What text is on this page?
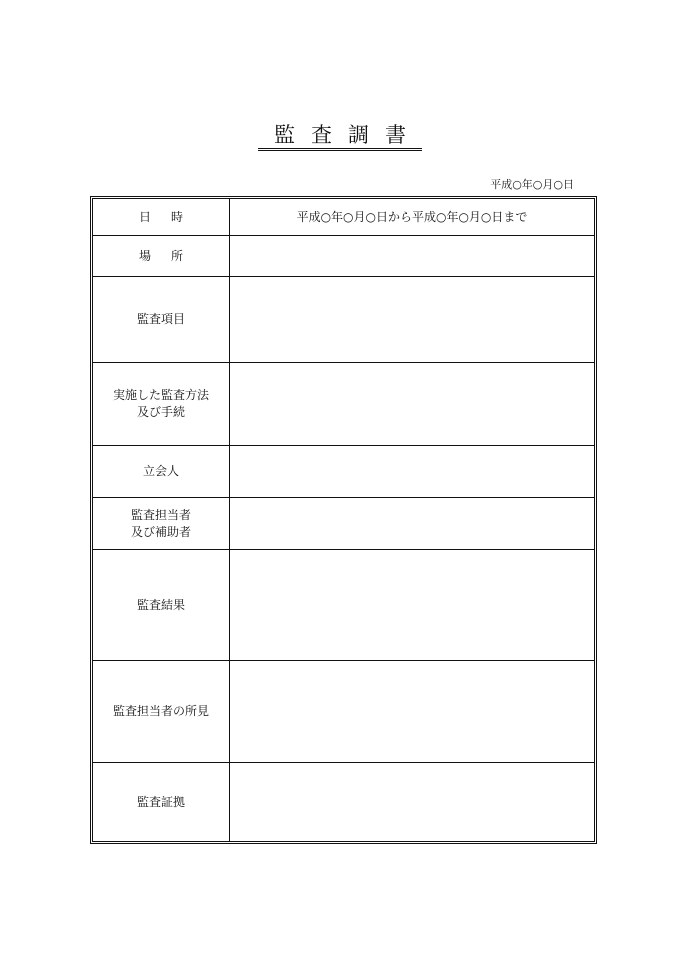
監査調書
平成○年○月○日
日時	平成○年○月○日から平成○年○月○日まで
場所
監査項目
実施した監査方法
及び手続
立会人
監査担当者
及び補助者
監査結果
監査担当者の所見
監査証拠
